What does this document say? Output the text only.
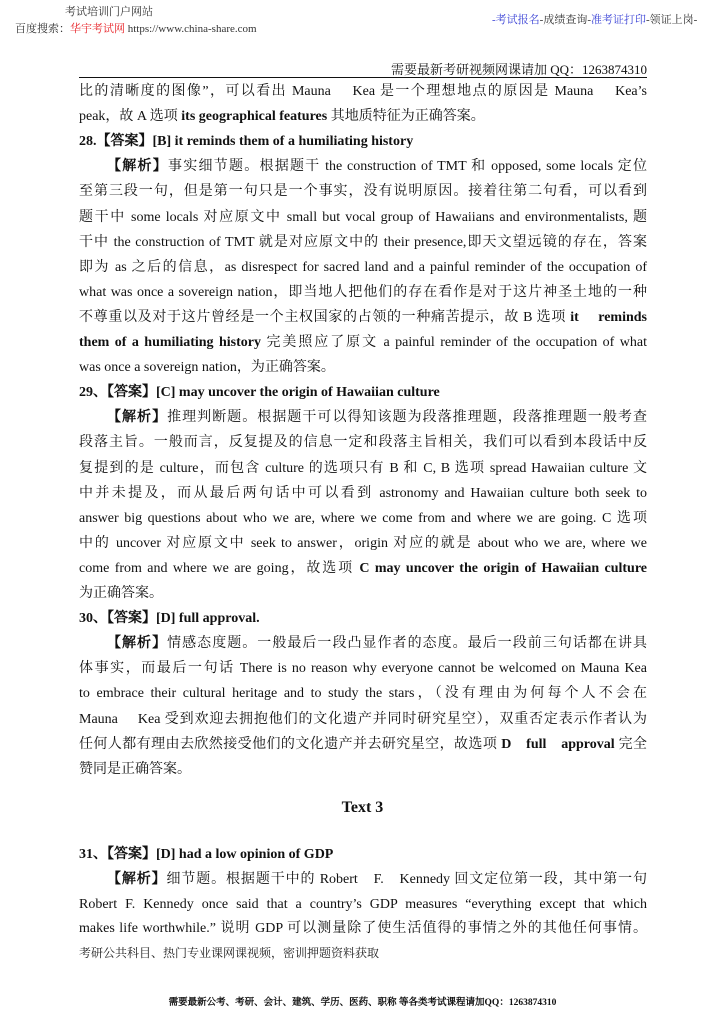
考试培训门户网站
百度搜索：华宇考试网 https://www.china-share.com
-考试报名-成绩查询-准考证打印-领证上岗-
需要最新考研视频网课请加 QQ：1263874310
比的清晰度的图像”，可以看出 Mauna　 Kea 是一个理想地点的原因是 Mauna　 Kea’s
peak，故 A 选项 its geographical features 其地质特征为正确答案。
28.【答案】[B] it reminds them of a humiliating history
【解析】事实细节题。根据题干 the construction of TMT 和 opposed, some locals 定位
至第三段一句，但是第一句只是一个事实，没有说明原因。接着往第二句看，可以看到
题干中 some locals 对应原文中 small but vocal group of Hawaiians and environmentalists, 题
干中 the construction of TMT 就是对应原文中的 their presence,即天文望远镜的存在，答案
即为 as 之后的信息，as disrespect for sacred land and a painful reminder of the occupation of
what was once a sovereign nation，即当地人把他们的存在看作是对于这片神圣土地的一种
不尊重以及对于这片曾经是一个主权国家的占领的一种痛苦提示，故 B 选项 it　 reminds
them of a humiliating history 完美照应了原文 a painful reminder of the occupation of what
was once a sovereign nation，为正确答案。
29、【答案】[C] may uncover the origin of Hawaiian culture
【解析】推理判断题。根据题干可以得知该题为段落推理题，段落推理题一般考查
段落主旨。一般而言，反复提及的信息一定和段落主旨相关，我们可以看到本段话中反
复提到的是 culture，而包含 culture 的选项只有 B 和 C, B 选项 spread Hawaiian culture 文
中并未提及，而从最后两句话中可以看到 astronomy and Hawaiian culture both seek to
answer big questions about who we are, where we come from and where we are going. C 选项
中的 uncover 对应原文中 seek to answer，origin 对应的就是 about who we are, where we
come from and where we are going，故选项 C may uncover the origin of Hawaiian culture
为正确答案。
30、【答案】[D] full approval.
【解析】情感态度题。一般最后一段凸显作者的态度。最后一段前三句话都在讲具
体事实，而最后一句话 There is no reason why everyone cannot be welcomed on Mauna Kea
to embrace their cultural heritage and to study the stars，（没有理由为何每个人不会在
Mauna　 Kea 受到欢迎去拥抱他们的文化遗产并同时研究星空），双重否定表示作者认为
任何人都有理由去欣然接受他们的文化遗产并去研究星空，故选项 D　full　approval 完全
赞同是正确答案。
Text 3
31、【答案】[D] had a low opinion of GDP
【解析】细节题。根据题干中的 Robert　F.　Kennedy 回文定位第一段，其中第一句
Robert F. Kennedy once said that a country’s GDP measures “everything except that which
makes life worthwhile.” 说明 GDP 可以测量除了使生活值得的事情之外的其他任何事情。
考研公共科目、热门专业课网课视频，密训押题资料获取
需要最新公考、考研、会计、建筑、学历、医药、职称 等各类考试课程请加QQ：1263874310
